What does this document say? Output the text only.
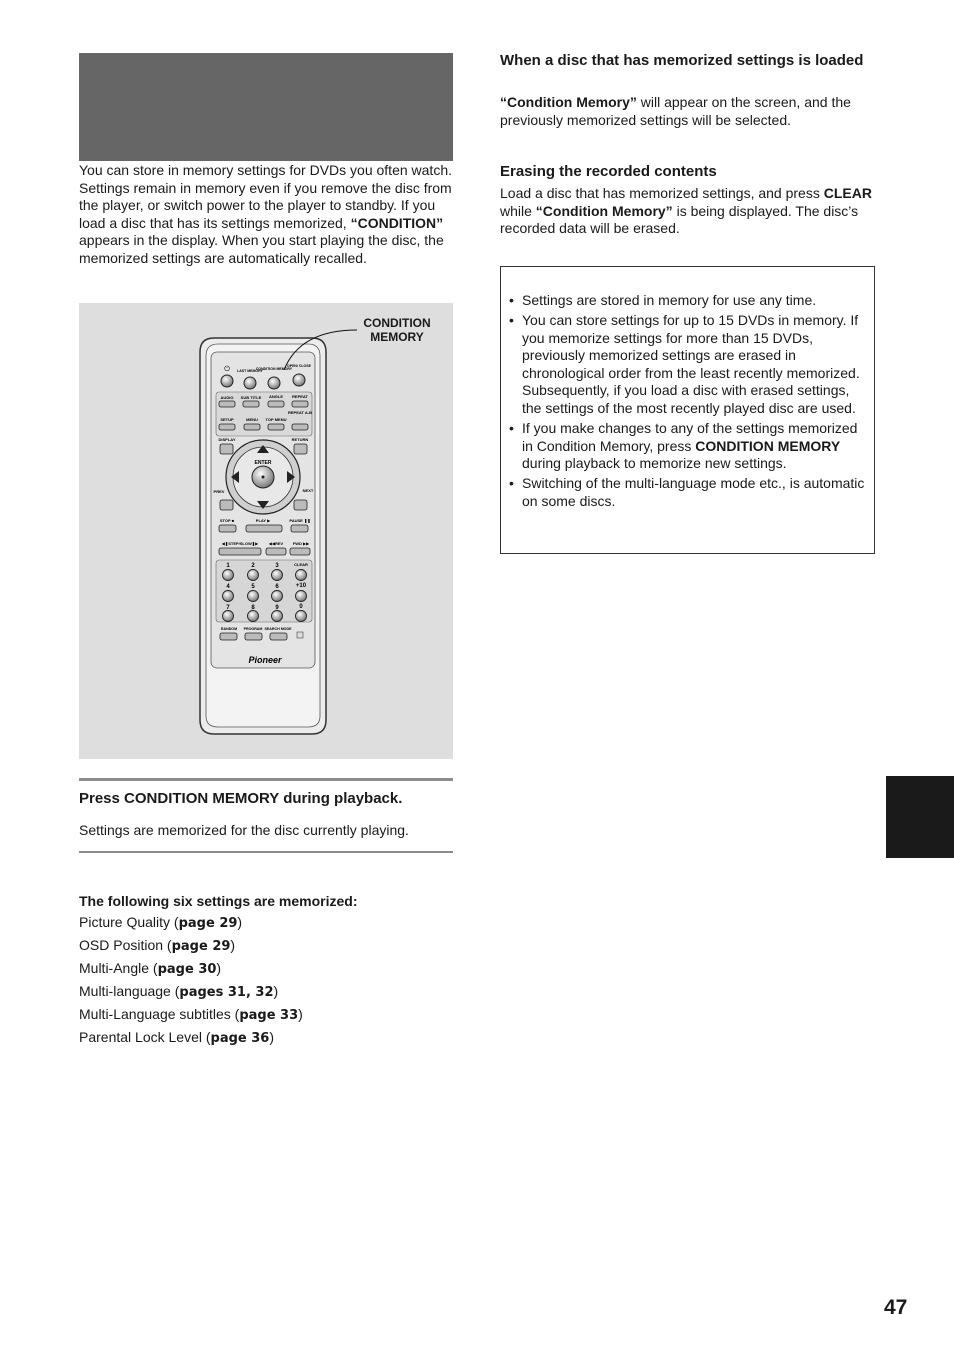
You can store in memory settings for DVDs you often watch. Settings remain in memory even if you remove the disc from the player, or switch power to the player to standby. If you load a disc that has its settings memorized, “CONDITION” appears in the display. When you start playing the disc, the memorized settings are automatically recalled.

⏻ LAST MEMORY
CONDITION MEMORY
OPEN/ CLOSE
AUDIO SUB TITLE ANGLE REPEAT
REPEAT A-B
SETUP	MENU TOP MENU
DISPLAY	RETURN
ENTER
PREV	NEXT
STOP ■	PLAY ▶	PAUSE ❚❚
◀❚STEP/SLOW❚▶	◀◀REV FWD ▶▶
1	2	3
4	5	6
7	8	9	0
CLEAR
+10
RANDOM PROGRAM SEARCH MODE
Pioneer
CONDITION
MEMORY
Press CONDITION MEMORY during playback.
Settings are memorized for the disc currently playing.
The following six settings are memorized:
Picture Quality (page 29)
OSD Position (page 29)
Multi-Angle (page 30)
Multi-language (pages 31, 32)
Multi-Language subtitles (page 33)
Parental Lock Level (page 36)
When a disc that has memorized settings is loaded

“Condition Memory” will appear on the screen, and the previously memorized settings will be selected.

Erasing the recorded contents

Load a disc that has memorized settings, and press CLEAR while “Condition Memory” is being displayed. The disc’s recorded data will be erased.

• Settings are stored in memory for use any time.
• You can store settings for up to 15 DVDs in memory. If you memorize settings for more than 15 DVDs, previously memorized settings are erased in chronological order from the least recently memorized. Subsequently, if you load a disc with erased settings, the settings of the most recently played disc are used.
• If you make changes to any of the settings memorized in Condition Memory, press CONDITION MEMORY during playback to memorize new settings.
• Switching of the multi-language mode etc., is automatic on some discs.
47
